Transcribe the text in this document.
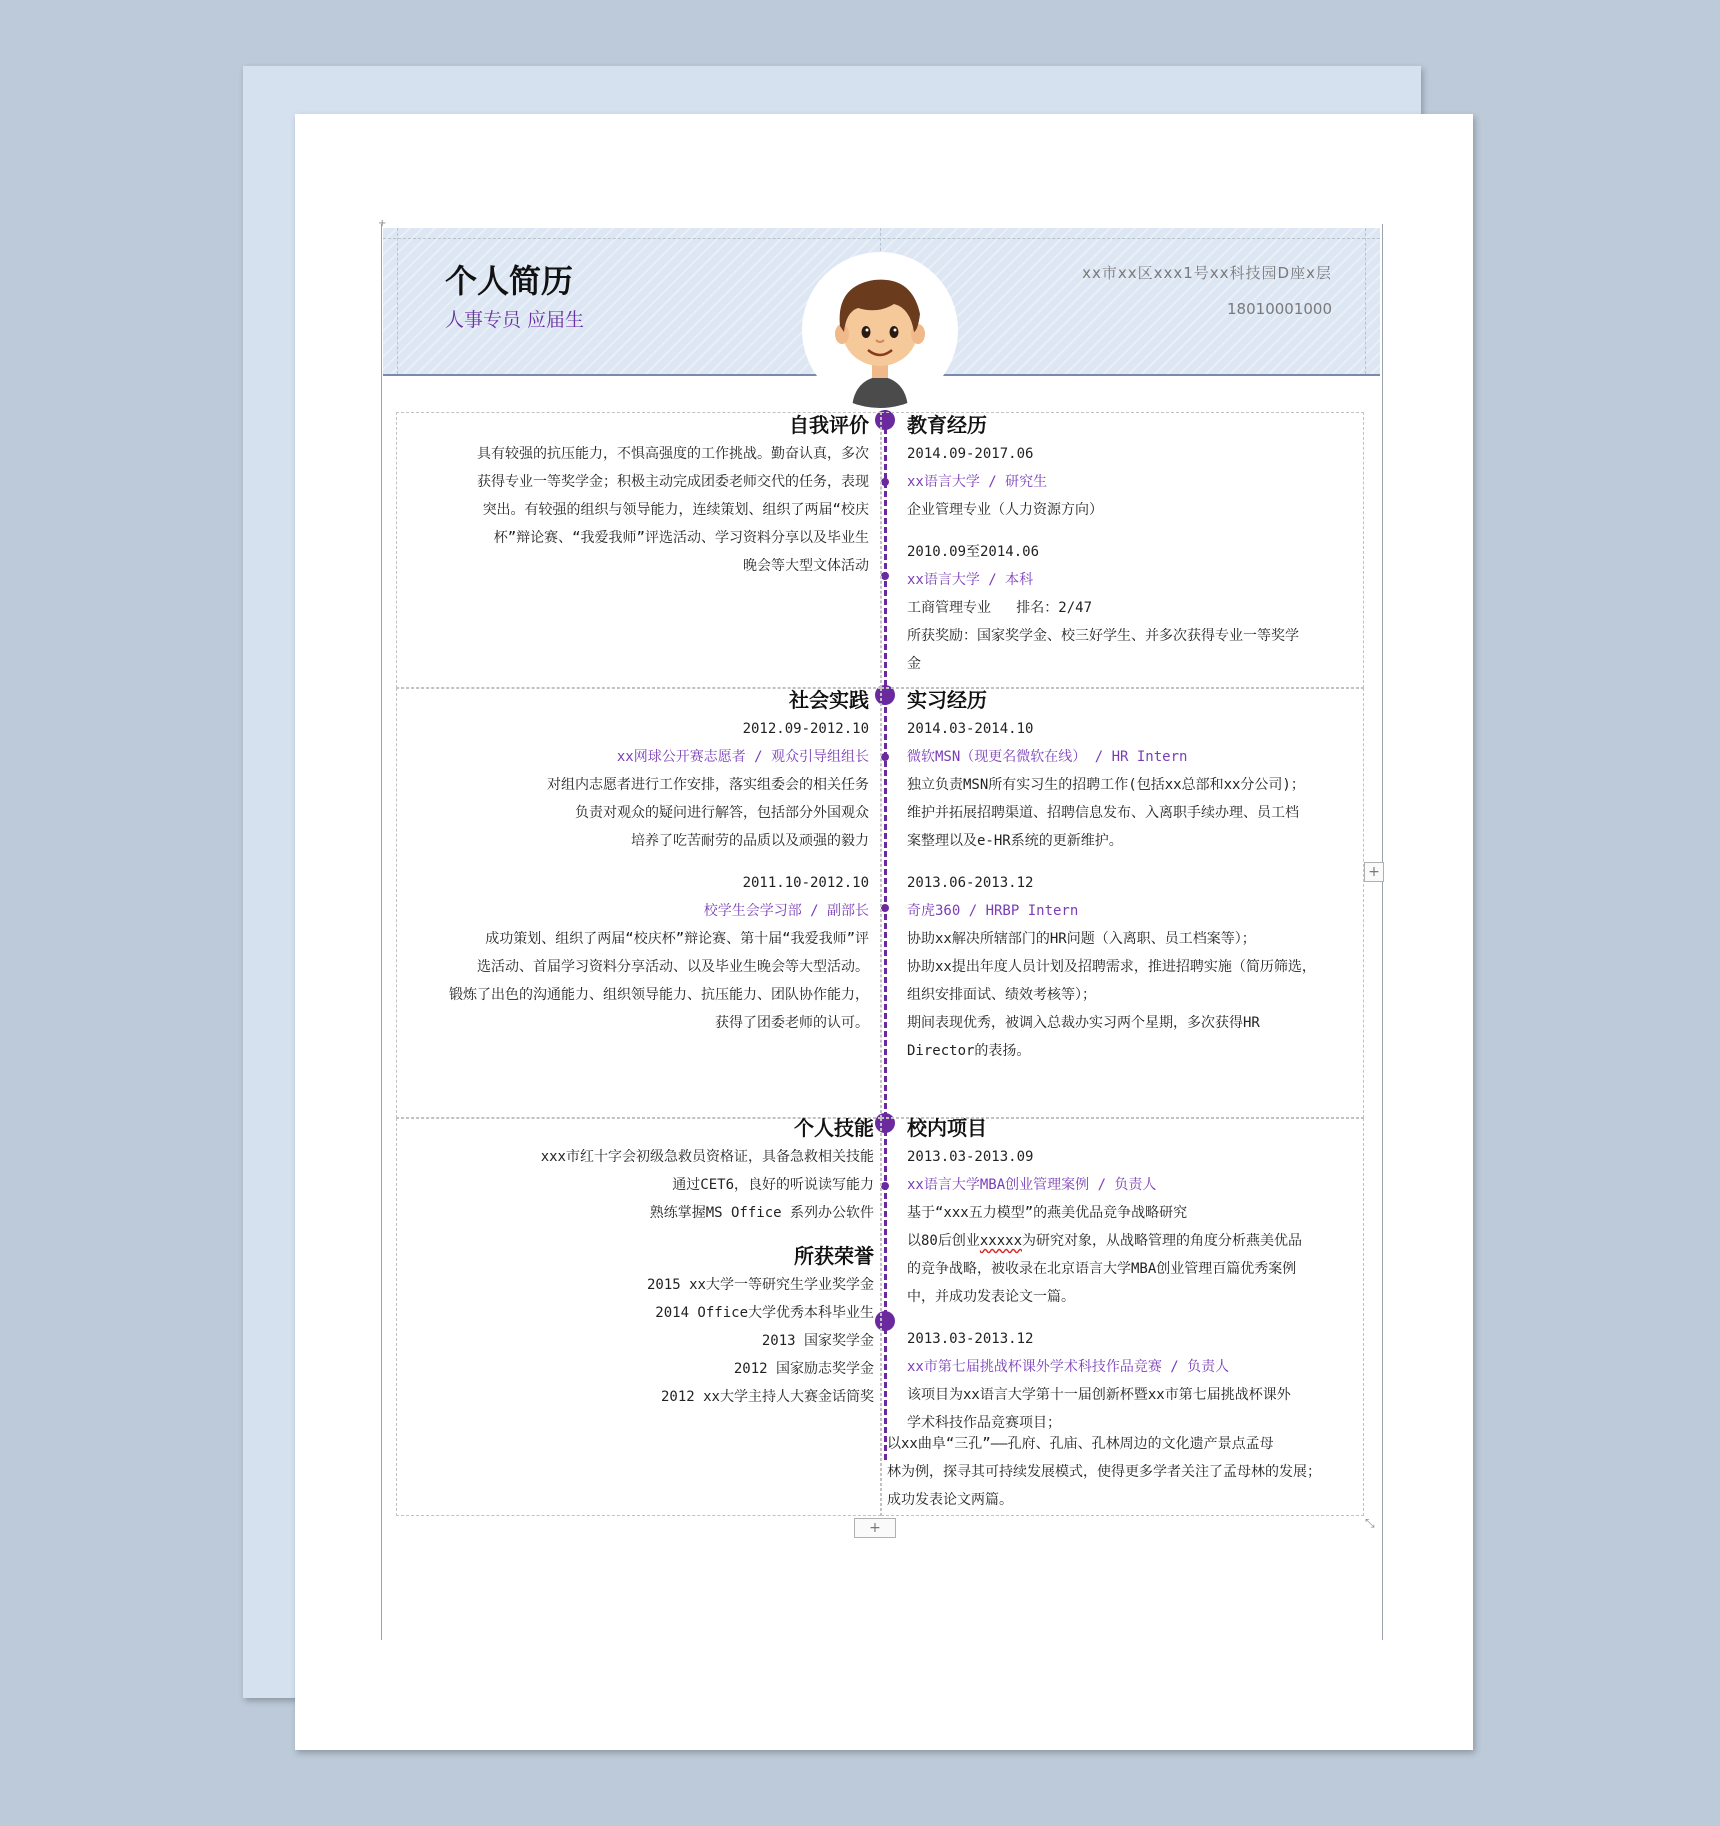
个人简历
人事专员 应届生
xx市xx区xxx1号xx科技园D座x层
18010001000
自我评价
具有较强的抗压能力，不惧高强度的工作挑战。勤奋认真，多次
获得专业一等奖学金；积极主动完成团委老师交代的任务，表现
突出。有较强的组织与领导能力，连续策划、组织了两届“校庆
杯”辩论赛、“我爱我师”评选活动、学习资料分享以及毕业生
晚会等大型文体活动
教育经历
2014.09-2017.06
xx语言大学 / 研究生
企业管理专业（人力资源方向）
2010.09至2014.06
xx语言大学 / 本科
工商管理专业   排名：2/47
所获奖励：国家奖学金、校三好学生、并多次获得专业一等奖学
金
社会实践
2012.09-2012.10
xx网球公开赛志愿者 / 观众引导组组长
对组内志愿者进行工作安排，落实组委会的相关任务
负责对观众的疑问进行解答，包括部分外国观众
培养了吃苦耐劳的品质以及顽强的毅力
2011.10-2012.10
校学生会学习部 / 副部长
成功策划、组织了两届“校庆杯”辩论赛、第十届“我爱我师”评
选活动、首届学习资料分享活动、以及毕业生晚会等大型活动。
锻炼了出色的沟通能力、组织领导能力、抗压能力、团队协作能力，
获得了团委老师的认可。
实习经历
2014.03-2014.10
微软MSN（现更名微软在线） / HR Intern
独立负责MSN所有实习生的招聘工作(包括xx总部和xx分公司)；
维护并拓展招聘渠道、招聘信息发布、入离职手续办理、员工档
案整理以及e-HR系统的更新维护。
2013.06-2013.12
奇虎360 / HRBP Intern
协助xx解决所辖部门的HR问题（入离职、员工档案等）；
协助xx提出年度人员计划及招聘需求，推进招聘实施（简历筛选，
组织安排面试、绩效考核等）；
期间表现优秀，被调入总裁办实习两个星期，多次获得HR
Director的表扬。
个人技能
xxx市红十字会初级急救员资格证，具备急救相关技能
通过CET6，良好的听说读写能力
熟练掌握MS Office 系列办公软件
所获荣誉
2015 xx大学一等研究生学业奖学金
2014 Office大学优秀本科毕业生
2013 国家奖学金
2012 国家励志奖学金
2012 xx大学主持人大赛金话筒奖
校内项目
2013.03-2013.09
xx语言大学MBA创业管理案例 / 负责人
基于“xxx五力模型”的燕美优品竞争战略研究
以80后创业xxxxx为研究对象，从战略管理的角度分析燕美优品
的竞争战略，被收录在北京语言大学MBA创业管理百篇优秀案例
中，并成功发表论文一篇。
2013.03-2013.12
xx市第七届挑战杯课外学术科技作品竞赛 / 负责人
该项目为xx语言大学第十一届创新杯暨xx市第七届挑战杯课外
学术科技作品竞赛项目；
以xx曲阜“三孔”——孔府、孔庙、孔林周边的文化遗产景点孟母
林为例，探寻其可持续发展模式，使得更多学者关注了孟母林的发展；
成功发表论文两篇。
+
+	⤡
+
